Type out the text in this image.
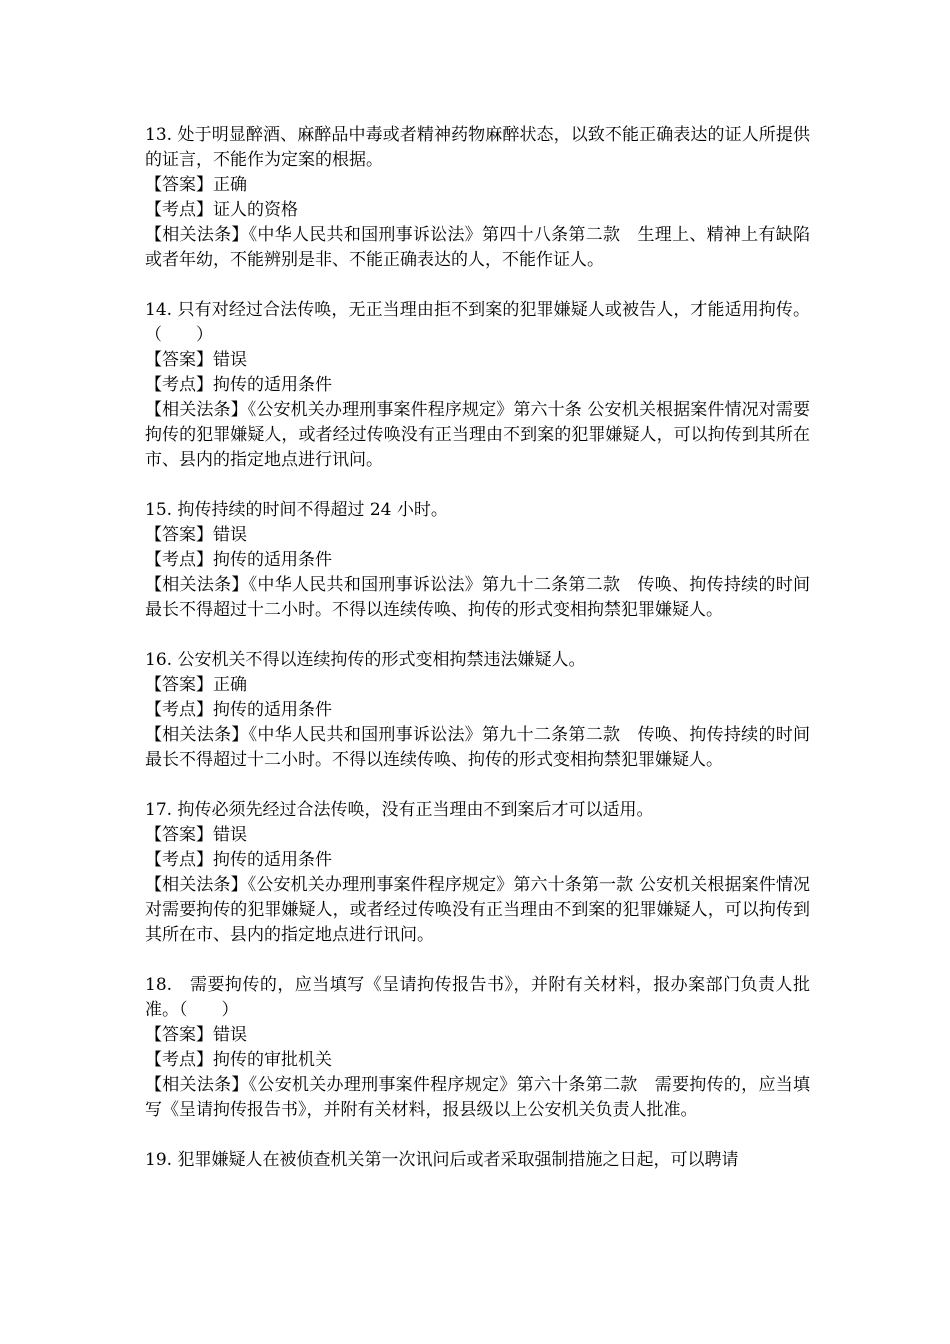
13. 处于明显醉酒、麻醉品中毒或者精神药物麻醉状态，以致不能正确表达的证人所提供的证言，不能作为定案的根据。

【答案】正确

【考点】证人的资格

【相关法条】《中华人民共和国刑事诉讼法》第四十八条第二款　生理上、精神上有缺陷或者年幼，不能辨别是非、不能正确表达的人，不能作证人。

14. 只有对经过合法传唤，无正当理由拒不到案的犯罪嫌疑人或被告人，才能适用拘传。（　　）

【答案】错误

【考点】拘传的适用条件

【相关法条】《公安机关办理刑事案件程序规定》第六十条 公安机关根据案件情况对需要拘传的犯罪嫌疑人，或者经过传唤没有正当理由不到案的犯罪嫌疑人，可以拘传到其所在市、县内的指定地点进行讯问。

15. 拘传持续的时间不得超过 24 小时。

【答案】错误

【考点】拘传的适用条件

【相关法条】《中华人民共和国刑事诉讼法》第九十二条第二款　传唤、拘传持续的时间最长不得超过十二小时。不得以连续传唤、拘传的形式变相拘禁犯罪嫌疑人。

16. 公安机关不得以连续拘传的形式变相拘禁违法嫌疑人。

【答案】正确

【考点】拘传的适用条件

【相关法条】《中华人民共和国刑事诉讼法》第九十二条第二款　传唤、拘传持续的时间最长不得超过十二小时。不得以连续传唤、拘传的形式变相拘禁犯罪嫌疑人。

17. 拘传必须先经过合法传唤，没有正当理由不到案后才可以适用。

【答案】错误

【考点】拘传的适用条件

【相关法条】《公安机关办理刑事案件程序规定》第六十条第一款 公安机关根据案件情况对需要拘传的犯罪嫌疑人，或者经过传唤没有正当理由不到案的犯罪嫌疑人，可以拘传到其所在市、县内的指定地点进行讯问。

18.　需要拘传的，应当填写《呈请拘传报告书》，并附有关材料，报办案部门负责人批准。（　　）

【答案】错误

【考点】拘传的审批机关

【相关法条】《公安机关办理刑事案件程序规定》第六十条第二款　需要拘传的，应当填写《呈请拘传报告书》，并附有关材料，报县级以上公安机关负责人批准。

19. 犯罪嫌疑人在被侦查机关第一次讯问后或者采取强制措施之日起，可以聘请
